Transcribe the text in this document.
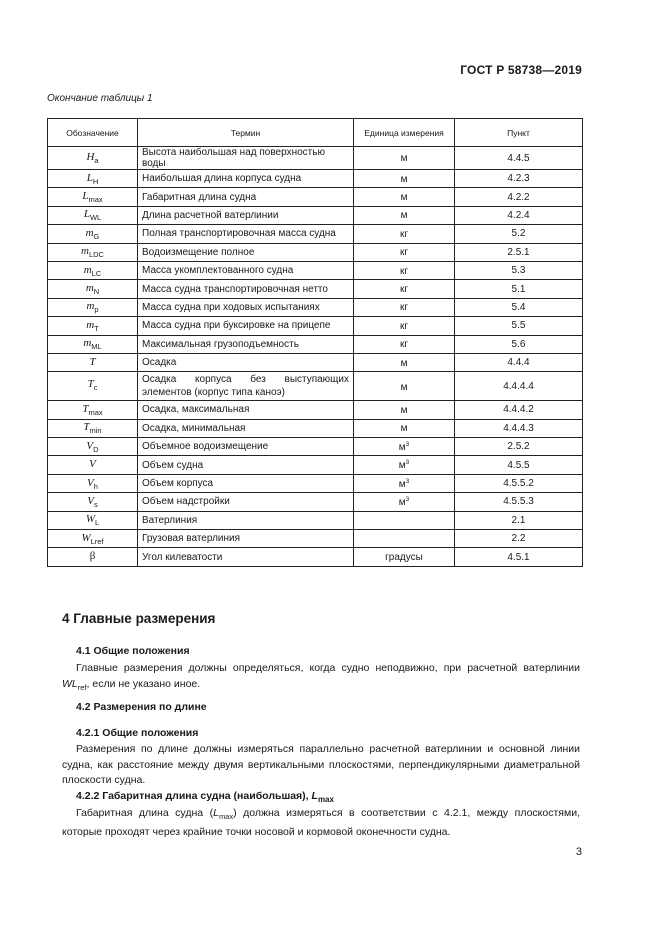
ГОСТ Р 58738—2019
Окончание таблицы 1
Обозначение	Термин	Единица измерения	Пункт
$H_a$	Высота наибольшая над поверхностью воды	м	4.4.5
$L_H$	Наибольшая длина корпуса судна	м	4.2.3
$L_{max}$	Габаритная длина судна	м	4.2.2
$L_{WL}$	Длина расчетной ватерлинии	м	4.2.4
$m_G$	Полная транспортировочная масса судна	кг	5.2
$m_{LDC}$	Водоизмещение полное	кг	2.5.1
$m_{LC}$	Масса укомплектованного судна	кг	5.3
$m_N$	Масса судна транспортировочная нетто	кг	5.1
$m_p$	Масса судна при ходовых испытаниях	кг	5.4
$m_T$	Масса судна при буксировке на прицепе	кг	5.5
$m_{ML}$	Максимальная грузоподъемность	кг	5.6
T	Осадка	м	4.4.4
$T_c$	Осадка корпуса без выступающих элементов (корпус типа каноэ)	м	4.4.4.4
$T_{max}$	Осадка, максимальная	м	4.4.4.2
$T_{min}$	Осадка, минимальная	м	4.4.4.3
$V_D$	Объемное водоизмещение	$м^3$	2.5.2
V	Объем судна	$м^3$	4.5.5
$V_h$	Объем корпуса	$м^3$	4.5.5.2
$V_s$	Объем надстройки	$м^3$	4.5.5.3
$W_L$	Ватерлиния		2.1
$W_{Lref}$	Грузовая ватерлиния		2.2
β	Угол килеватости	градусы	4.5.1
4 Главные размерения
4.1 Общие положения

Главные размерения должны определяться, когда судно неподвижно, при расчетной ватерлинии $WL_{ref}$, если не указано иное.

4.2 Размерения по длине
4.2.1 Общие положения

Размерения по длине должны измеряться параллельно расчетной ватерлинии и основной линии судна, как расстояние между двумя вертикальными плоскостями, перпендикулярными диаметральной плоскости судна.

4.2.2 Габаритная длина судна (наибольшая), $L_{max}$

Габаритная длина судна $(L_{max})$ должна измеряться в соответствии с 4.2.1, между плоскостями, которые проходят через крайние точки носовой и кормовой оконечности судна.

3
